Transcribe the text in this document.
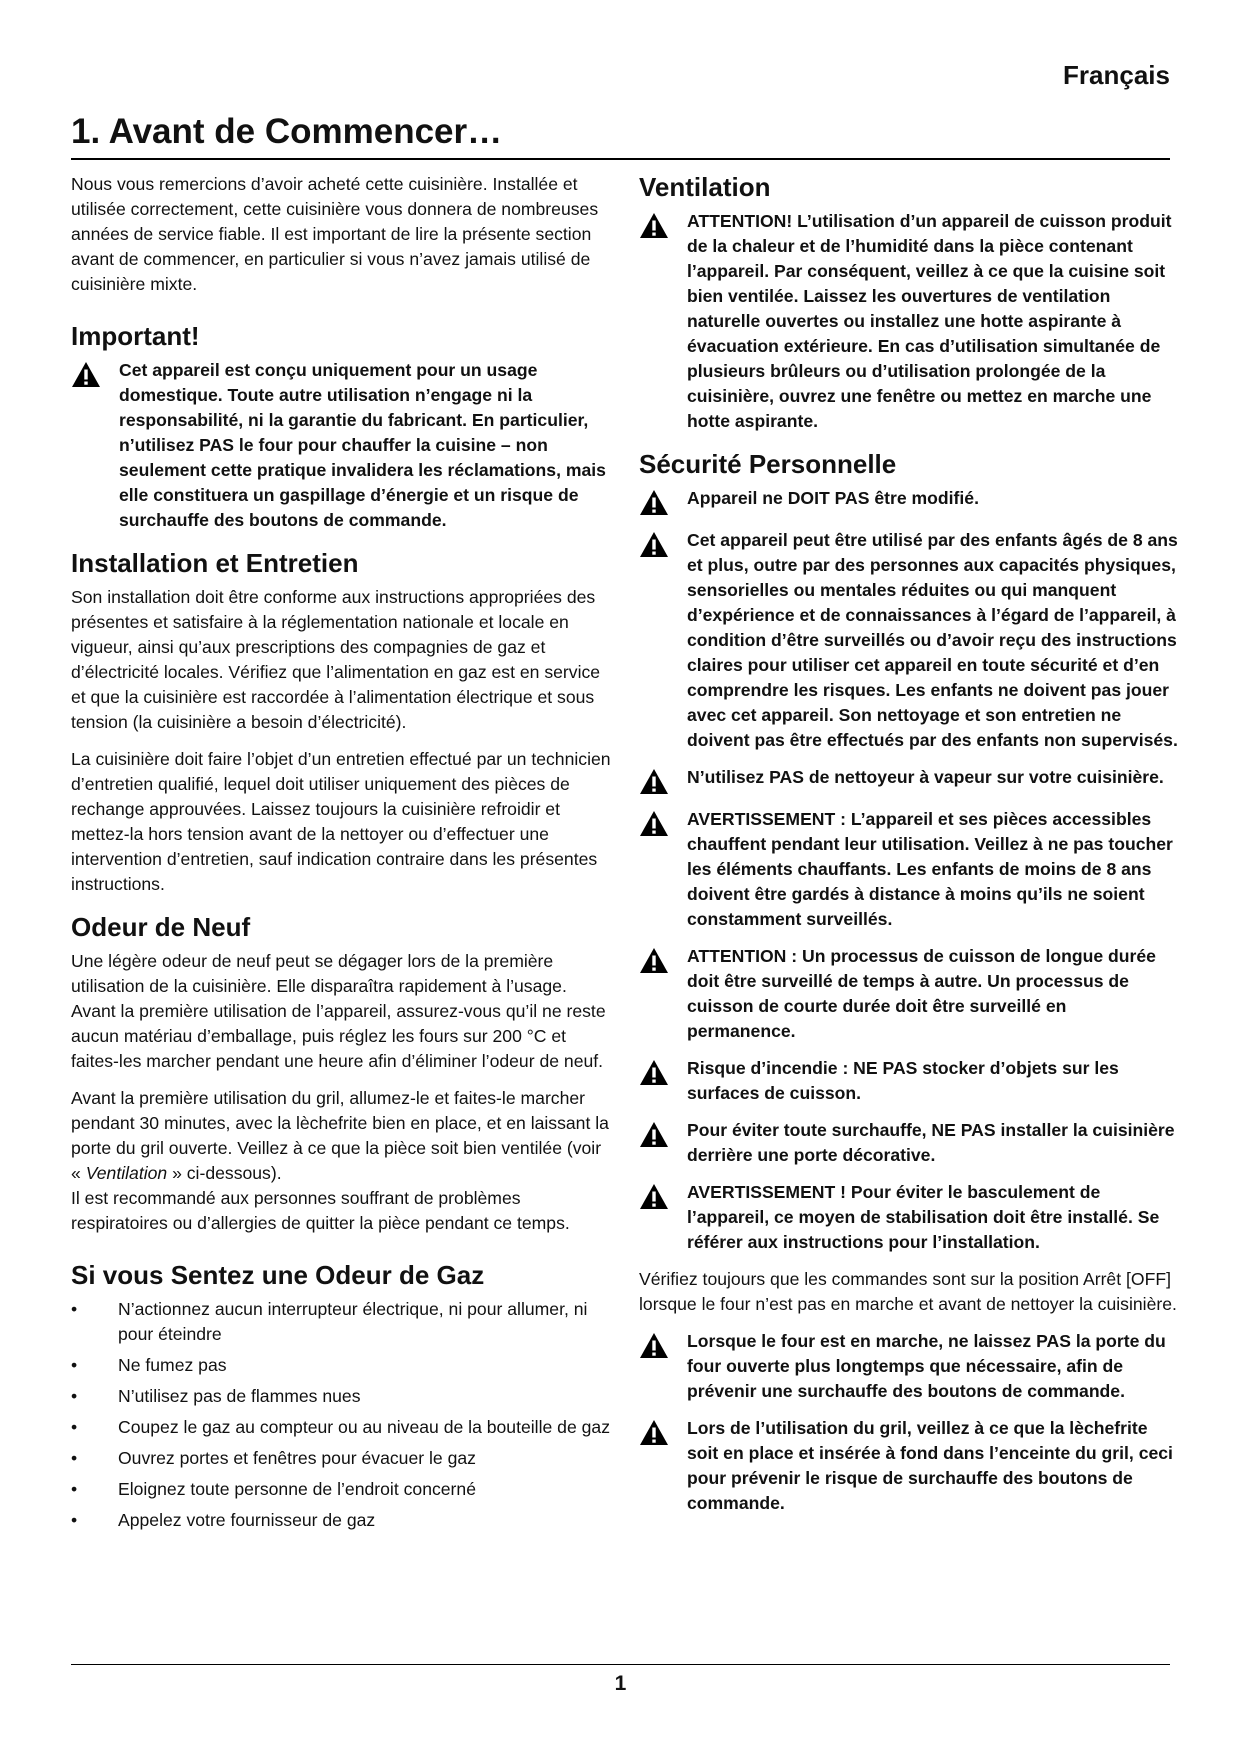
Français
1. Avant de Commencer…

Nous vous remercions d’avoir acheté cette cuisinière. Installée et utilisée correctement, cette cuisinière vous donnera de nombreuses années de service fiable. Il est important de lire la présente section avant de commencer, en particulier si vous n’avez jamais utilisé de cuisinière mixte.

Important!
Cet appareil est conçu uniquement pour un usage domestique. Toute autre utilisation n’engage ni la responsabilité, ni la garantie du fabricant. En particulier, n’utilisez PAS le four pour chauffer la cuisine – non seulement cette pratique invalidera les réclamations, mais elle constituera un gaspillage d’énergie et un risque de surchauffe des boutons de commande.
Installation et Entretien

Son installation doit être conforme aux instructions appropriées des présentes et satisfaire à la réglementation nationale et locale en vigueur, ainsi qu’aux prescriptions des compagnies de gaz et d’électricité locales. Vérifiez que l’alimentation en gaz est en service et que la cuisinière est raccordée à l’alimentation électrique et sous tension (la cuisinière a besoin d’électricité).

La cuisinière doit faire l’objet d’un entretien effectué par un technicien d’entretien qualifié, lequel doit utiliser uniquement des pièces de rechange approuvées. Laissez toujours la cuisinière refroidir et mettez-la hors tension avant de la nettoyer ou d’effectuer une intervention d’entretien, sauf indication contraire dans les présentes instructions.

Odeur de Neuf

Une légère odeur de neuf peut se dégager lors de la première utilisation de la cuisinière. Elle disparaîtra rapidement à l’usage. Avant la première utilisation de l’appareil, assurez-vous qu’il ne reste aucun matériau d’emballage, puis réglez les fours sur 200 °C et faites-les marcher pendant une heure afin d’éliminer l’odeur de neuf.

Avant la première utilisation du gril, allumez-le et faites-le marcher pendant 30 minutes, avec la lèchefrite bien en place, et en laissant la porte du gril ouverte. Veillez à ce que la pièce soit bien ventilée (voir « Ventilation » ci-dessous).
Il est recommandé aux personnes souffrant de problèmes respiratoires ou d’allergies de quitter la pièce pendant ce temps.

Si vous Sentez une Odeur de Gaz
• N’actionnez aucun interrupteur électrique, ni pour allumer, ni pour éteindre
• Ne fumez pas
• N’utilisez pas de flammes nues
• Coupez le gaz au compteur ou au niveau de la bouteille de gaz
• Ouvrez portes et fenêtres pour évacuer le gaz
• Eloignez toute personne de l’endroit concerné
• Appelez votre fournisseur de gaz
Ventilation
ATTENTION! L’utilisation d’un appareil de cuisson produit de la chaleur et de l’humidité dans la pièce contenant l’appareil. Par conséquent, veillez à ce que la cuisine soit bien ventilée. Laissez les ouvertures de ventilation naturelle ouvertes ou installez une hotte aspirante à évacuation extérieure. En cas d’utilisation simultanée de plusieurs brûleurs ou d’utilisation prolongée de la cuisinière, ouvrez une fenêtre ou mettez en marche une hotte aspirante.
Sécurité Personnelle
Appareil ne DOIT PAS être modifié.
Cet appareil peut être utilisé par des enfants âgés de 8 ans et plus, outre par des personnes aux capacités physiques, sensorielles ou mentales réduites ou qui manquent d’expérience et de connaissances à l’égard de l’appareil, à condition d’être surveillés ou d’avoir reçu des instructions claires pour utiliser cet appareil en toute sécurité et d’en comprendre les risques. Les enfants ne doivent pas jouer avec cet appareil. Son nettoyage et son entretien ne doivent pas être effectués par des enfants non supervisés.
N’utilisez PAS de nettoyeur à vapeur sur votre cuisinière.
AVERTISSEMENT : L’appareil et ses pièces accessibles chauffent pendant leur utilisation. Veillez à ne pas toucher les éléments chauffants. Les enfants de moins de 8 ans doivent être gardés à distance à moins qu’ils ne soient constamment surveillés.
ATTENTION : Un processus de cuisson de longue durée doit être surveillé de temps à autre. Un processus de cuisson de courte durée doit être surveillé en permanence.
Risque d’incendie : NE PAS stocker d’objets sur les surfaces de cuisson.
Pour éviter toute surchauffe, NE PAS installer la cuisinière derrière une porte décorative.
AVERTISSEMENT ! Pour éviter le basculement de l’appareil, ce moyen de stabilisation doit être installé. Se référer aux instructions pour l’installation.

Vérifiez toujours que les commandes sont sur la position Arrêt [OFF] lorsque le four n’est pas en marche et avant de nettoyer la cuisinière.

Lorsque le four est en marche, ne laissez PAS la porte du four ouverte plus longtemps que nécessaire, afin de prévenir une surchauffe des boutons de commande.
Lors de l’utilisation du gril, veillez à ce que la lèchefrite soit en place et insérée à fond dans l’enceinte du gril, ceci pour prévenir le risque de surchauffe des boutons de commande.
1
